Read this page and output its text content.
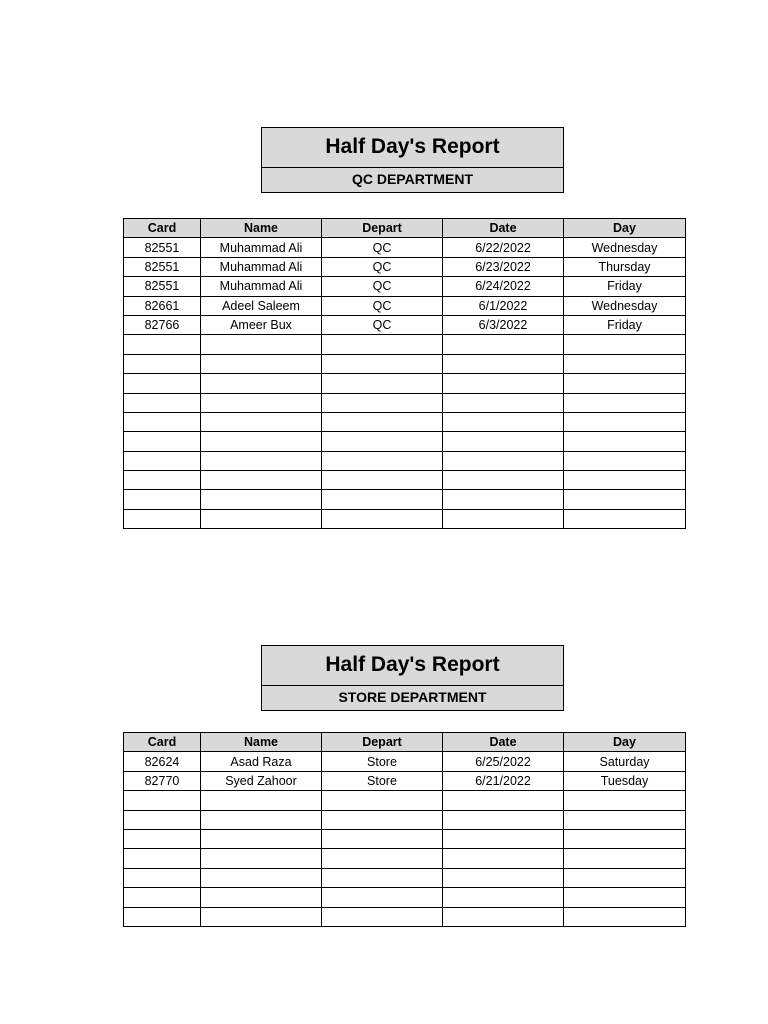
Half Day's Report
QC DEPARTMENT
Card	Name	Depart	Date	Day
82551	Muhammad Ali	QC	6/22/2022	Wednesday
82551	Muhammad Ali	QC	6/23/2022	Thursday
82551	Muhammad Ali	QC	6/24/2022	Friday
82661	Adeel Saleem	QC	6/1/2022	Wednesday
82766	Ameer Bux	QC	6/3/2022	Friday

Half Day's Report
STORE DEPARTMENT
Card	Name	Depart	Date	Day
82624	Asad Raza	Store	6/25/2022	Saturday
82770	Syed Zahoor	Store	6/21/2022	Tuesday
